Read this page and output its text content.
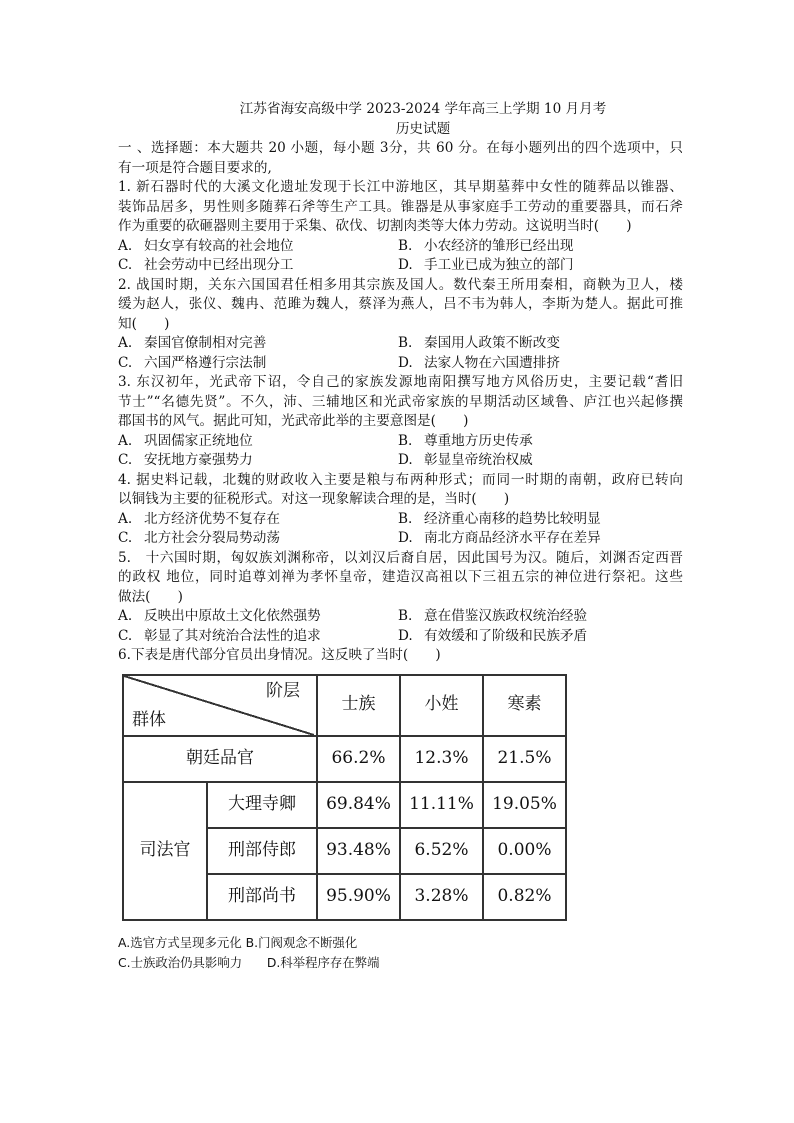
江苏省海安高级中学 2023-2024 学年高三上学期 10 月月考
历史试题
一 、选择题：本大题共 20 小题，每小题 3分，共 60 分。在每小题列出的四个选项中，只
有一项是符合题目要求的,
1. 新石器时代的大溪文化遗址发现于长江中游地区，其早期墓葬中女性的随葬品以锥器、
装饰品居多，男性则多随葬石斧等生产工具。锥器是从事家庭手工劳动的重要器具，而石斧
作为重要的砍砸器则主要用于采集、砍伐、切割肉类等大体力劳动。这说明当时(　　)
A. 妇女享有较高的社会地位	B. 小农经济的雏形已经出现
C. 社会劳动中已经出现分工	D. 手工业已成为独立的部门
2. 战国时期，关东六国国君任相多用其宗族及国人。数代秦王所用秦相，商鞅为卫人，楼
缓为赵人，张仪、魏冉、范雎为魏人，蔡泽为燕人，吕不韦为韩人，李斯为楚人。据此可推
知(　　)
A. 秦国官僚制相对完善	B. 秦国用人政策不断改变
C. 六国严格遵行宗法制	D. 法家人物在六国遭排挤
3. 东汉初年，光武帝下诏，令自己的家族发源地南阳撰写地方风俗历史，主要记载“耆旧
节士”“名德先贤”。不久，沛、三辅地区和光武帝家族的早期活动区域鲁、庐江也兴起修撰
郡国书的风气。据此可知，光武帝此举的主要意图是(　　)
A. 巩固儒家正统地位	B. 尊重地方历史传承
C. 安抚地方豪强势力	D. 彰显皇帝统治权威
4. 据史料记载，北魏的财政收入主要是粮与布两种形式；而同一时期的南朝，政府已转向
以铜钱为主要的征税形式。对这一现象解读合理的是，当时(　　)
A. 北方经济优势不复存在	B. 经济重心南移的趋势比较明显
C. 北方社会分裂局势动荡	D. 南北方商品经济水平存在差异
5.　十六国时期，匈奴族刘渊称帝，以刘汉后裔自居，因此国号为汉。随后，刘渊否定西晋
的政权 地位，同时追尊刘禅为孝怀皇帝，建造汉高祖以下三祖五宗的神位进行祭祀。这些
做法(　　)
A. 反映出中原故土文化依然强势	B. 意在借鉴汉族政权统治经验
C. 彰显了其对统治合法性的追求	D. 有效缓和了阶级和民族矛盾
6.下表是唐代部分官员出身情况。这反映了当时(　　)
阶层
群体		士族	小姓	寒素
朝廷品官		66.2%	12.3%	21.5%
司法官	大理寺卿	69.84%	11.11%	19.05%
	刑部侍郎	93.48%	6.52%	0.00%
	刑部尚书	95.90%	3.28%	0.82%
A.选官方式呈现多元化 B.门阀观念不断强化
C.士族政治仍具影响力　　D.科举程序存在弊端
